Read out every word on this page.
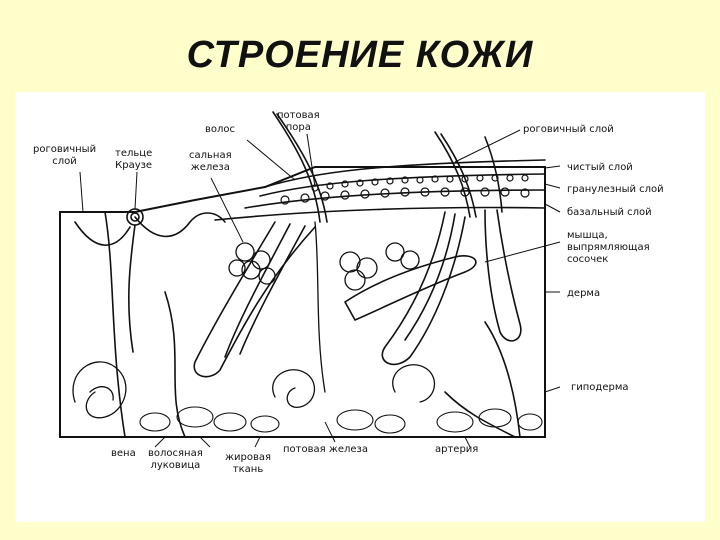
СТРОЕНИЕ КОЖИ
волос
потовая
пора
роговичный
слой
тельце
Краузе
сальная
железа
роговичный слой
чистый слой
гранулезный слой
базальный слой
мышца,
выпрямляющая
сосочек
дерма
гиподерма
вена волосяная
луковица
жировая
ткань
потовая железа	артерия
